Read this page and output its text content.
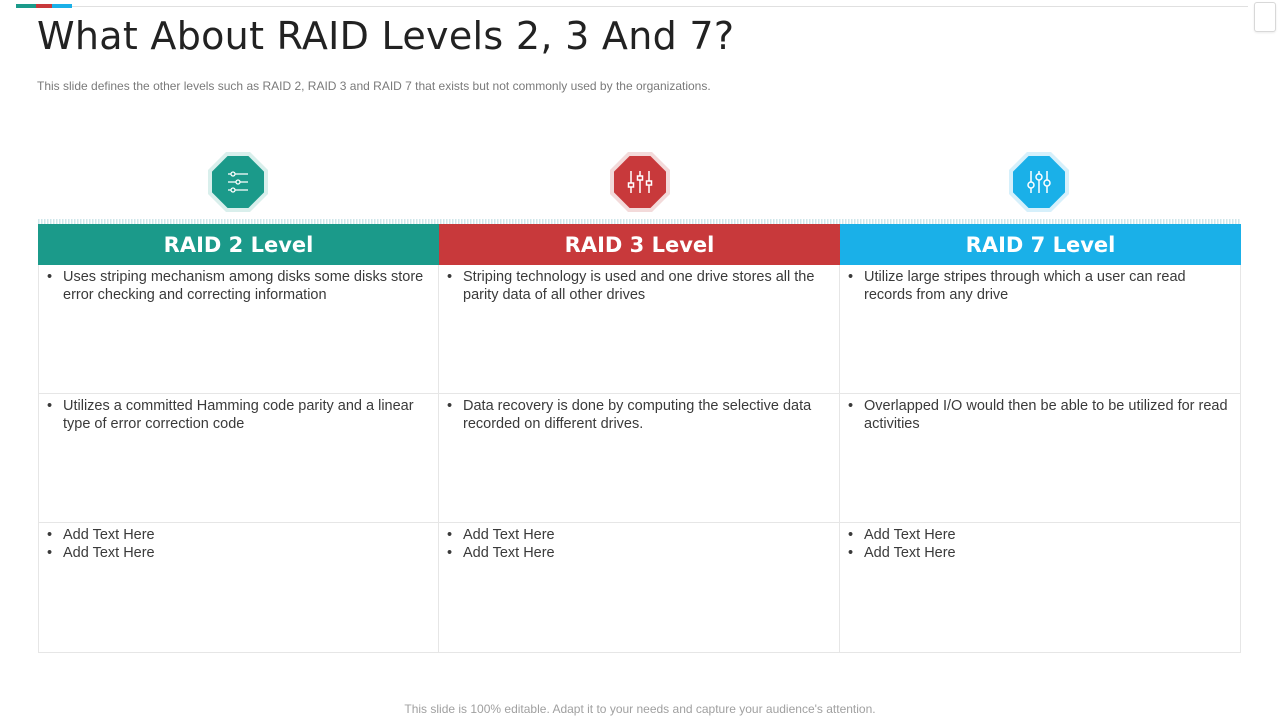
What About RAID Levels 2, 3 And 7?

This slide defines the other levels such as RAID 2, RAID 3 and RAID 7 that exists but not commonly used by the organizations.

RAID 2 Level	RAID 3 Level	RAID 7 Level
• Uses striping mechanism among disks some disks store error checking and correcting information
• Striping technology is used and one drive stores all the parity data of all other drives
• Utilize large stripes through which a user can read records from any drive
• Utilizes a committed Hamming code parity and a linear type of error correction code
• Data recovery is done by computing the selective data recorded on different drives.
• Overlapped I/O would then be able to be utilized for read activities
• Add Text Here
• Add Text Here
• Add Text Here
• Add Text Here
• Add Text Here
• Add Text Here

This slide is 100% editable. Adapt it to your needs and capture your audience's attention.
